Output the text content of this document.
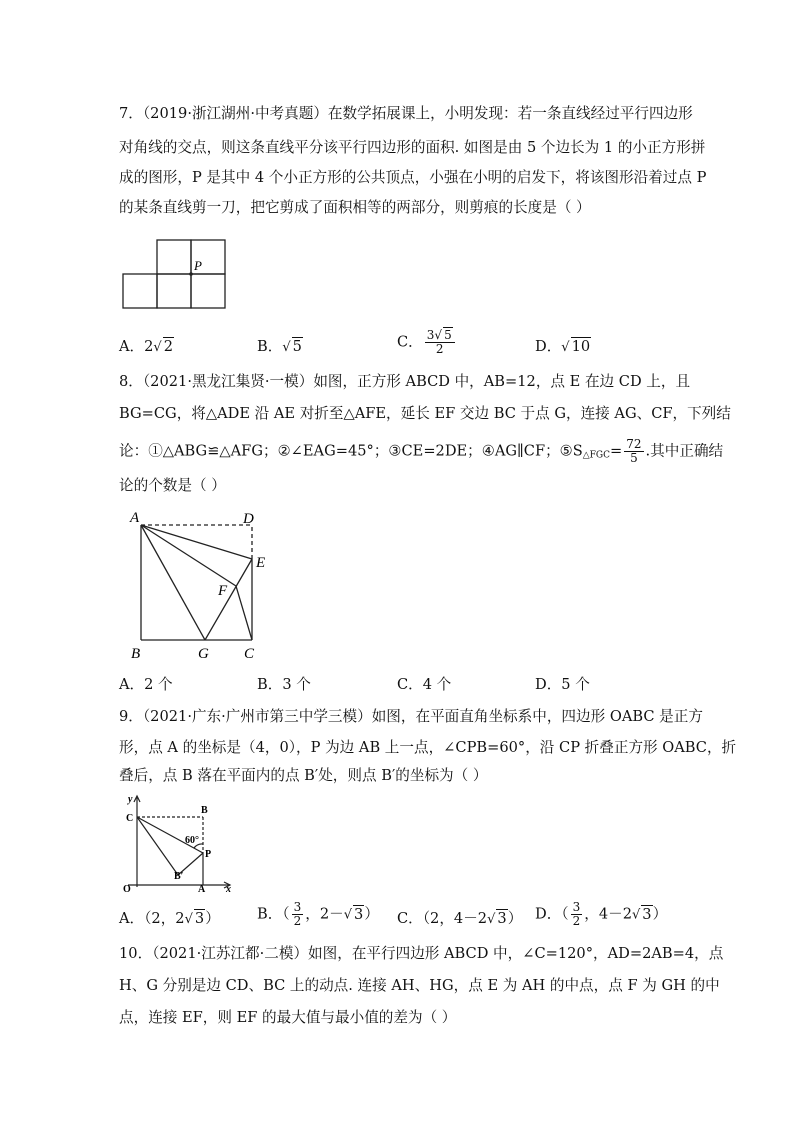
7．（2019·浙江湖州·中考真题）在数学拓展课上，小明发现：若一条直线经过平行四边形
对角线的交点，则这条直线平分该平行四边形的面积. 如图是由 5 个边长为 1 的小正方形拼
成的图形，P 是其中 4 个小正方形的公共顶点，小强在小明的启发下，将该图形沿着过点 P
的某条直线剪一刀，把它剪成了面积相等的两部分，则剪痕的长度是（ ）
P
A．2√ 2	B．√ 5	C． $\frac{3√ 5}{2}$	D．√ 10
8．（2021·黑龙江集贤·一模）如图，正方形 ABCD 中，AB=12，点 E 在边 CD 上，且
BG=CG，将△ADE 沿 AE 对折至△AFE，延长 EF 交边 BC 于点 G，连接 AG、CF，下列结
论：①△ABG≌△AFG；②∠EAG=45°；③CE=2DE；④AG∥CF；$⑤S_{\triangle FGC}= \frac{72}{5}$ .其中正确结
论的个数是（ ）
A	D
E
F
B	G C
A．2 个	B．3 个	C．4 个	D．5 个
9．（2021·广东·广州市第三中学三模）如图，在平面直角坐标系中，四边形 OABC 是正方
形，点 A 的坐标是（4，0），P 为边 AB 上一点，∠CPB=60°，沿 CP 折叠正方形 OABC，折
叠后，点 B 落在平面内的点 B′处，则点 B′的坐标为（ ）
y
x
O	A
B
C
P
B′
60°
A．（2，2√ 3）	B．（ $\frac{3}{2}$ ，2－√ 3） C．（2，4－2√ 3） D．（ $\frac{3}{2}$ ，4－2√ 3）
10．（2021·江苏江都·二模）如图，在平行四边形 ABCD 中，∠C=120°，AD=2AB=4，点
H、G 分别是边 CD、BC 上的动点. 连接 AH、HG，点 E 为 AH 的中点，点 F 为 GH 的中
点，连接 EF，则 EF 的最大值与最小值的差为（ ）
